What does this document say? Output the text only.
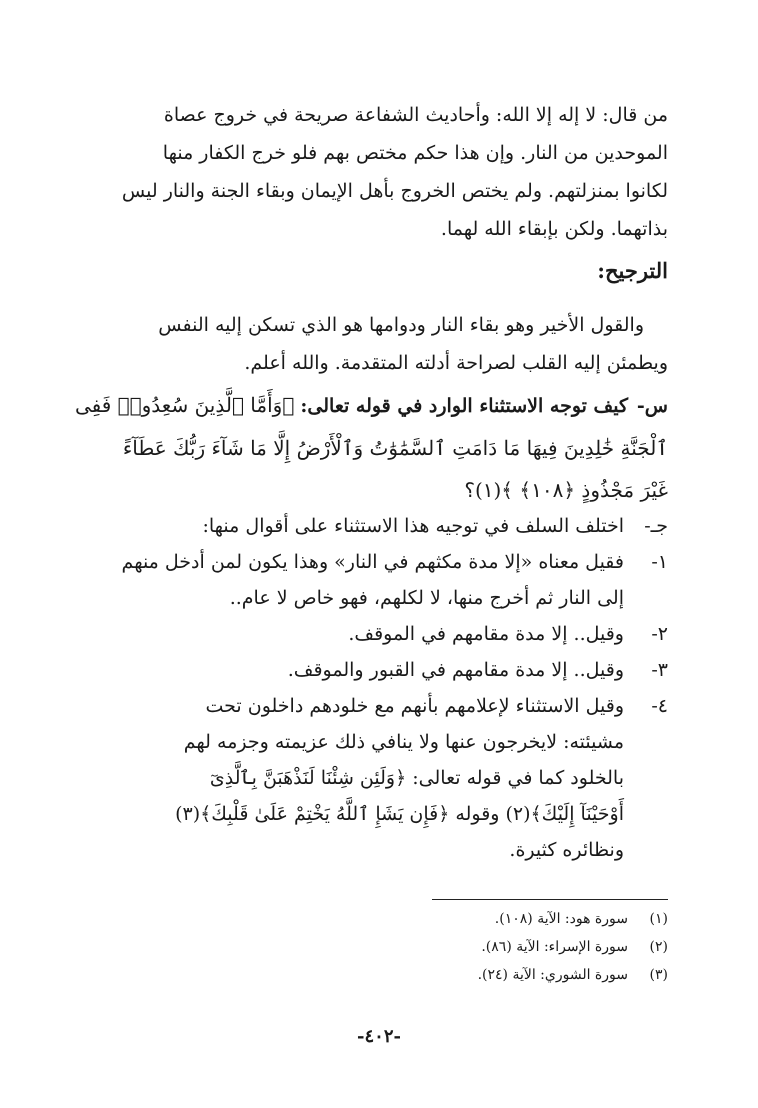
من قال: لا إله إلا الله: وأحاديث الشفاعة صريحة في خروج عصاة
الموحدين من النار. وإن هذا حكم مختص بهم فلو خرج الكفار منها
لكانوا بمنزلتهم. ولم يختص الخروج بأهل الإيمان وبقاء الجنة والنار ليس
بذاتهما. ولكن بإبقاء الله لهما.
الترجيح:
والقول الأخير وهو بقاء النار ودوامها هو الذي تسكن إليه النفس
ويطمئن إليه القلب لصراحة أدلته المتقدمة. والله أعلم.
س-كيف توجه الاستثناء الوارد في قوله تعالى: ﴿وَأَمَّا ٱلَّذِينَ سُعِدُوا۟ فَفِى
ٱلْجَنَّةِ خَٰلِدِينَ فِيهَا مَا دَامَتِ ٱلسَّمَٰوَٰتُ وَٱلْأَرْضُ إِلَّا مَا شَآءَ رَبُّكَ عَطَآءً
غَيْرَ مَجْذُوذٍ ﴿١٠٨﴾ ﴾(١)؟
جـ-اختلف السلف في توجيه هذا الاستثناء على أقوال منها:
١-فقيل معناه «إلا مدة مكثهم في النار» وهذا يكون لمن أدخل منهم
إلى النار ثم أخرج منها، لا لكلهم، فهو خاص لا عام..
٢-وقيل.. إلا مدة مقامهم في الموقف.
٣-وقيل.. إلا مدة مقامهم في القبور والموقف.
٤-وقيل الاستثناء لإعلامهم بأنهم مع خلودهم داخلون تحت
مشيئته: لايخرجون عنها ولا ينافي ذلك عزيمته وجزمه لهم
بالخلود كما في قوله تعالى: ﴿وَلَئِن شِئْنَا لَنَذْهَبَنَّ بِٱلَّذِىٓ
أَوْحَيْنَآ إِلَيْكَ﴾(٢) وقوله ﴿فَإِن يَشَإِ ٱللَّهُ يَخْتِمْ عَلَىٰ قَلْبِكَ﴾(٣)
ونظائره كثيرة.
(١)سورة هود: الآية (١٠٨).
(٢)سورة الإسراء: الآية (٨٦).
(٣)سورة الشوري: الآية (٢٤).
-٤٠٢-
